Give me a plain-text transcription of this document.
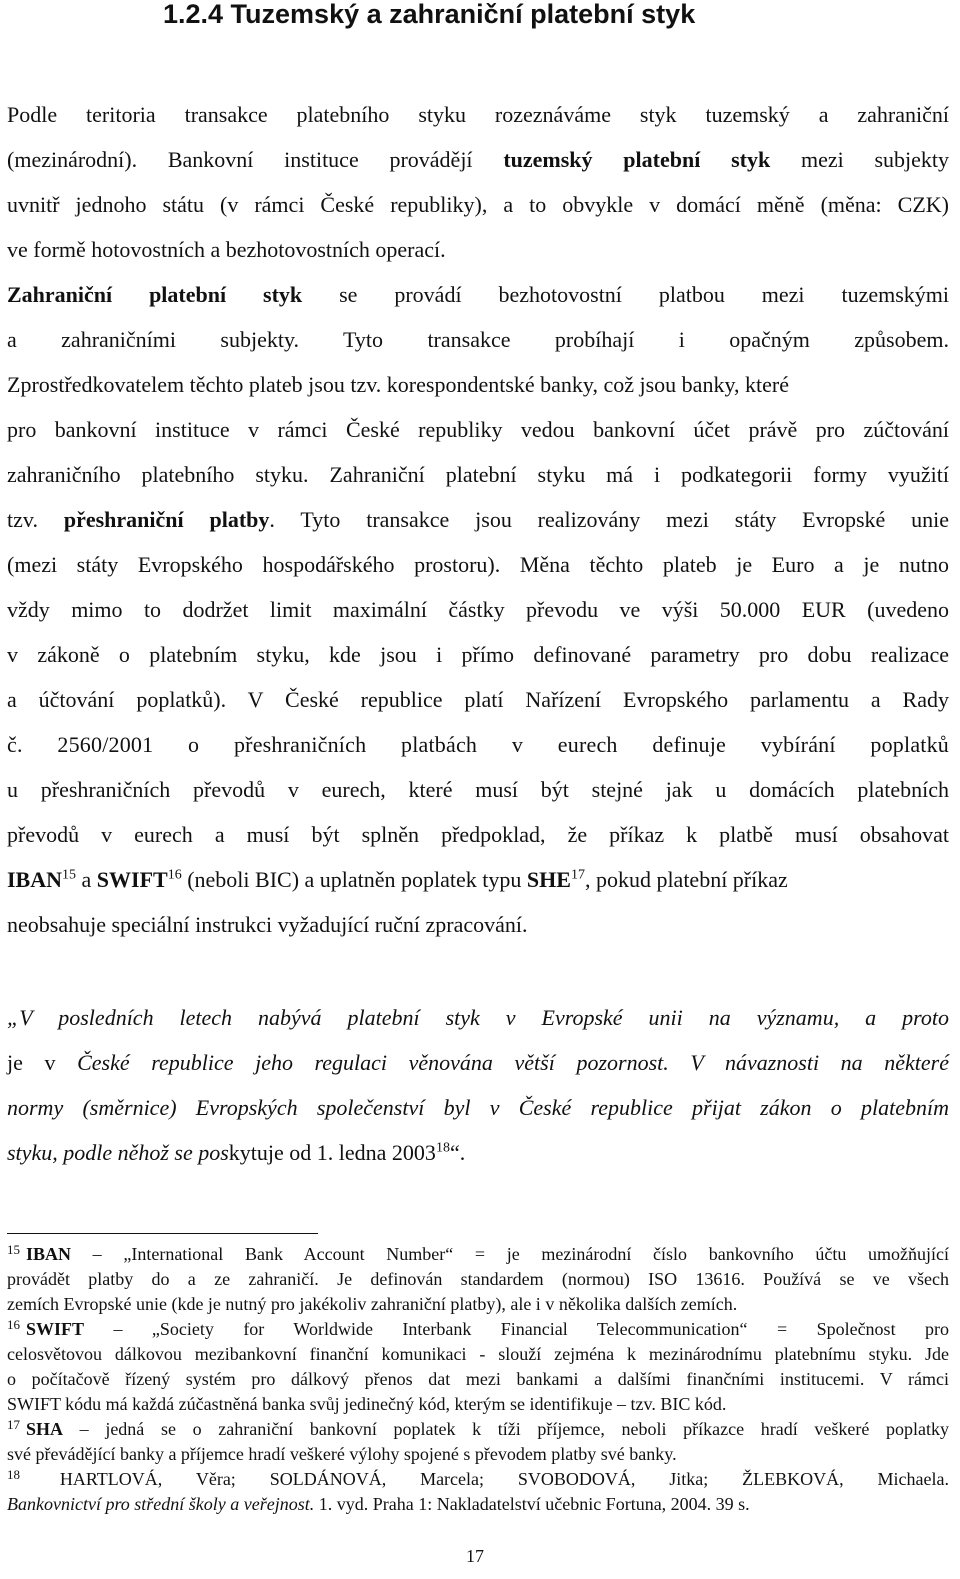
1.2.4 Tuzemský a zahraniční platební styk
Podle teritoria transakce platebního styku rozeznáváme styk tuzemský a zahraniční
(mezinárodní). Bankovní instituce provádějí tuzemský platební styk mezi subjekty
uvnitř jednoho státu (v rámci České republiky), a to obvykle v domácí měně (měna: CZK)
ve formě hotovostních a bezhotovostních operací.
Zahraniční platební styk se provádí bezhotovostní platbou mezi tuzemskými
a zahraničními subjekty. Tyto transakce probíhají i opačným způsobem.
Zprostředkovatelem těchto plateb jsou tzv. korespondentské banky, což jsou banky, které
pro bankovní instituce v rámci České republiky vedou bankovní účet právě pro zúčtování
zahraničního platebního styku. Zahraniční platební styku má i podkategorii formy využití
tzv. přeshraniční platby. Tyto transakce jsou realizovány mezi státy Evropské unie
(mezi státy Evropského hospodářského prostoru). Měna těchto plateb je Euro a je nutno
vždy mimo to dodržet limit maximální částky převodu ve výši 50.000 EUR (uvedeno
v zákoně o platebním styku, kde jsou i přímo definované parametry pro dobu realizace
a účtování poplatků). V České republice platí Nařízení Evropského parlamentu a Rady
č. 2560/2001 o přeshraničních platbách v eurech definuje vybírání poplatků
u přeshraničních převodů v eurech, které musí být stejné jak u domácích platebních
převodů v eurech a musí být splněn předpoklad, že příkaz k platbě musí obsahovat
IBAN$^{15}$ a SWIFT$^{16}$ (neboli BIC) a uplatněn poplatek typu SHE$^{17}$, pokud platební příkaz
neobsahuje speciální instrukci vyžadující ruční zpracování.
„V posledních letech nabývá platební styk v Evropské unii na významu, a proto
je v České republice jeho regulaci věnována větší pozornost. V návaznosti na některé
normy (směrnice) Evropských společenství byl v České republice přijat zákon o platebním
styku, podle něhož se poskytuje od 1. ledna 2003$^{18}$“.
$^{15}$ IBAN – „International Bank Account Number“ = je mezinárodní číslo bankovního účtu umožňující
provádět platby do a ze zahraničí. Je definován standardem (normou) ISO 13616. Používá se ve všech
zemích Evropské unie (kde je nutný pro jakékoliv zahraniční platby), ale i v několika dalších zemích.
$^{16}$ SWIFT – „Society for Worldwide Interbank Financial Telecommunication“ = Společnost pro
celosvětovou dálkovou mezibankovní finanční komunikaci - slouží zejména k mezinárodnímu platebnímu styku. Jde
o počítačově řízený systém pro dálkový přenos dat mezi bankami a dalšími finančními institucemi. V rámci
SWIFT kódu má každá zúčastněná banka svůj jedinečný kód, kterým se identifikuje – tzv. BIC kód.
$^{17}$ SHA – jedná se o zahraniční bankovní poplatek k tíži příjemce, neboli příkazce hradí veškeré poplatky
své převádějící banky a příjemce hradí veškeré výlohy spojené s převodem platby své banky.
$^{18}$ HARTLOVÁ, Věra; SOLDÁNOVÁ, Marcela; SVOBODOVÁ, Jitka; ŽLEBKOVÁ, Michaela.
Bankovnictví pro střední školy a veřejnost. 1. vyd. Praha 1: Nakladatelství učebnic Fortuna, 2004. 39 s.
17
